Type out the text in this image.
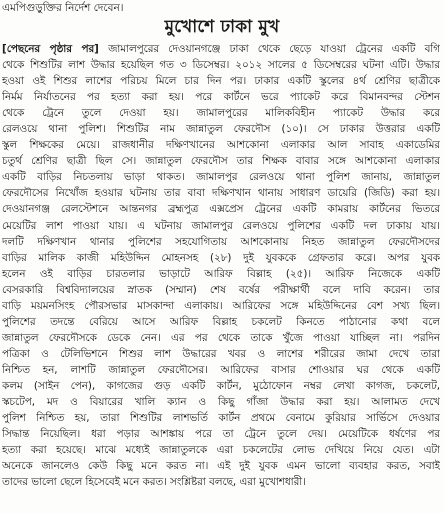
এমপিগুড়ুক্তির নির্দেশ দেবেন।
মুখোশে ঢাকা মুখ
[পেছনের পৃষ্ঠার পর] জামালপুরের দেওয়ানগঞ্জে ঢাকা থেকে ছেড়ে যাওয়া ট্রেনের একটি বগি
থেকে শিশুটির লাশ উদ্ধার হয়েছিল গত ৩ ডিসেম্বর। ২০১২ সালের ৫ ডিসেম্বরের ঘটনা এটি। উদ্ধার
হওয়া ওই শিশুর লাশের পরিচয় মিলে চার দিন পর। ঢাকার একটি স্কুলের ৪র্থ শ্রেণির ছাত্রীকে
নির্মম নির্যাতনের পর হত্যা করা হয়। পরে কার্টনে ভরে প্যাকেট করে বিমানবন্দর স্টেশন
থেকে ট্রেনে তুলে দেওয়া হয়। জামালপুরের মালিকবিহীন প্যাকেট উদ্ধার করে
রেলওয়ে থানা পুলিশ। শিশুটির নাম জান্নাতুল ফেরদৌস (১০)। সে ঢাকার উত্তরার একটি
স্কুল শিক্ষকের মেয়ে। রাজধানীর দক্ষিণখানের আশকোনা এলাকার আল সাবাহ একাডেমির
চতুর্থ শ্রেণির ছাত্রী ছিল সে। জান্নাতুল ফেরদৌস তার শিক্ষক বাবার সঙ্গে আশকোনা এলাকার
একটি বাড়ির নিচতলায় ভাড়া থাকত। জামালপুর রেলওয়ে থানা পুলিশ জানায়, জান্নাতুল
ফেরদৌসের নিখোঁজ হওয়ার ঘটনায় তার বাবা দক্ষিণখান থানায় সাধারণ ডায়েরি (জিডি) করা হয়।
দেওয়ানগঞ্জ রেলস্টেশনে আন্তনগর ব্রহ্মপুত্র এক্সপ্রেস ট্রেনের একটি কামরায় কার্টনের ভিতরে
মেয়েটির লাশ পাওয়া যায়। এ ঘটনায় জামালপুর রেলওয়ে পুলিশের একটি দল ঢাকায় যায়।
দলটি দক্ষিণখান থানার পুলিশের সহযোগিতায় আশকোনায় নিহত জান্নাতুল ফেরদৌসদের
বাড়ির মালিক কাজী মহিউদ্দিন মোহনসহ (২৮) দুই যুবককে গ্রেফতার করে। অপর যুবক
হলেন ওই বাড়ির চারতলার ভাড়াটে আরিফ বিল্লাহ (২৫)। আরিফ নিজেকে একটি
বেসরকারি বিশ্ববিদ্যালয়ের স্নাতক (সম্মান) শেষ বর্ষের পরীক্ষার্থী বলে দাবি করেন। তার
বাড়ি ময়মনসিংহ পৌরসভার মাসকান্দা এলাকায়। আরিফের সঙ্গে মহিউদ্দিনের বেশ সখ্য ছিল।
পুলিশের তদন্তে বেরিয়ে আসে আরিফ বিল্লাহ চকলেট কিনতে পাঠানোর কথা বলে
জান্নাতুল ফেরদৌসকে ডেকে নেন। এর পর থেকে তাকে খুঁজে পাওয়া যাচ্ছিল না। পরদিন
পত্রিকা ও টেলিভিশনে শিশুর লাশ উদ্ধারের খবর ও লাশের শরীরের জামা দেখে তারা
নিশ্চিত হন, লাশটি জান্নাতুল ফেরদৌসের। আরিফের বাসার শোওয়ার ঘর থেকে একটি
কলম (সাইন পেন), কাগজের গুড় একটি কার্টন, মুঠোফোন নম্বর লেখা কাগজ, চকলেট,
স্কচটেপ, মদ ও বিয়ারের খালি ক্যান ও কিছু গাঁজা উদ্ধার করা হয়। আলামত দেখে
পুলিশ নিশ্চিত হয়, তারা শিশুটির লাশভর্তি কার্টন প্রথমে বেনামে কুরিয়ার সার্ভিসে দেওয়ার
সিদ্ধান্ত নিয়েছিল। ধরা পড়ার আশঙ্কায় পরে তা ট্রেনে তুলে দেয়। মেয়েটিকে ধর্ষণের পর
হত্যা করা হয়েছে। মাঝে মধ্যেই জান্নাতুলকে এরা চকলেটের লোভ দেখিয়ে নিয়ে যেত। এটা
অনেকে জানলেও কেউ কিছু মনে করত না। এই দুই যুবক এমন ভালো ব্যবহার করত, সবাই
তাদের ভালো ছেলে হিসেবেই মনে করত। সংশ্লিষ্টরা বলছে, এরা মুখোশধারী।
